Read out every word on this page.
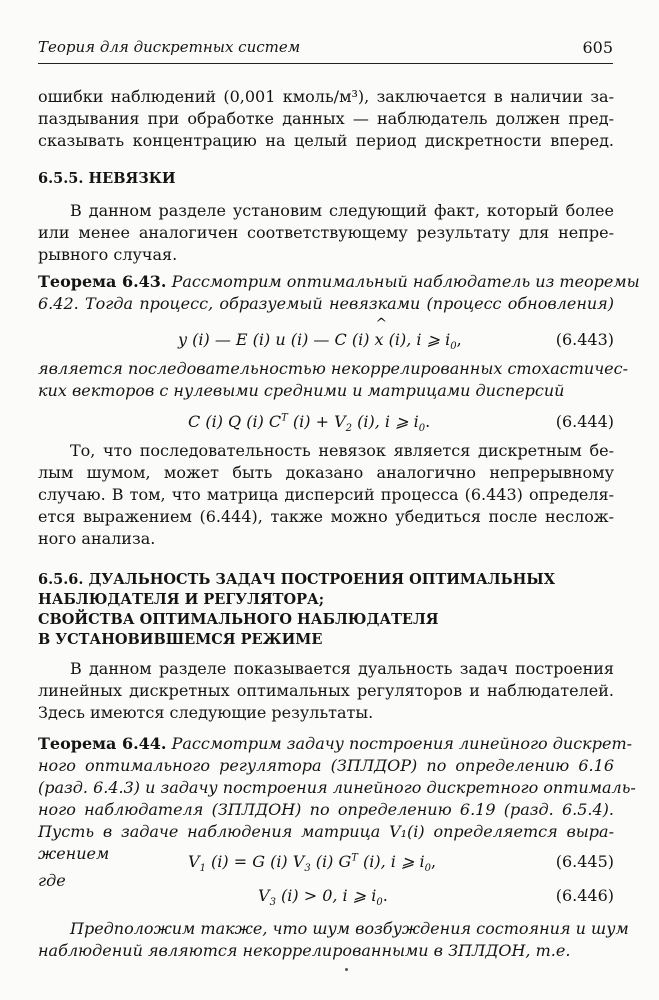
Теория для дискретных систем	605
ошибки наблюдений (0,001 кмоль/м³), заключается в наличии за-
паздывания при обработке данных — наблюдатель должен пред-
сказывать концентрацию на целый период дискретности вперед.
6.5.5. НЕВЯЗКИ
В данном разделе установим следующий факт, который более
или менее аналогичен соответствующему результату для непре-
рывного случая.
Теорема 6.43. Рассмотрим оптимальный наблюдатель из теоремы
6.42. Тогда процесс, образуемый невязками (процесс обновления)
y (i) — E (i) u (i) — C (i) ^ x (i), i ⩾ $i_0$,	(6.443)
является последовательностью некоррелированных стохастичес-
ких векторов с нулевыми средними и матрицами дисперсий
C (i) Q (i) $C^T$ $(i) + V_2$ (i), i ⩾ $i_0$.	(6.444)
То, что последовательность невязок является дискретным бе-
лым шумом, может быть доказано аналогично непрерывному
случаю. В том, что матрица дисперсий процесса (6.443) определя-
ется выражением (6.444), также можно убедиться после неслож-
ного анализа.
6.5.6. ДУАЛЬНОСТЬ ЗАДАЧ ПОСТРОЕНИЯ ОПТИМАЛЬНЫХ
НАБЛЮДАТЕЛЯ И РЕГУЛЯТОРА;
СВОЙСТВА ОПТИМАЛЬНОГО НАБЛЮДАТЕЛЯ
В УСТАНОВИВШЕМСЯ РЕЖИМЕ
В данном разделе показывается дуальность задач построения
линейных дискретных оптимальных регуляторов и наблюдателей.
Здесь имеются следующие результаты.
Теорема 6.44. Рассмотрим задачу построения линейного дискрет-
ного оптимального регулятора (ЗПЛДОР) по определению 6.16
(разд. 6.4.3) и задачу построения линейного дискретного оптималь-
ного наблюдателя (ЗПЛДОН) по определению 6.19 (разд. 6.5.4).
Пусть в задаче наблюдения матрица V₁(i) определяется выра-
жением	$V_1$ (i) = G (i) $V_3$ (i) $G^T$ (i), i ⩾ $i_0$,	(6.445)
где
$V_3$ (i) > 0, i ⩾ $i_0$.	(6.446)
Предположим также, что шум возбуждения состояния и шум
наблюдений являются некоррелированными в ЗПЛДОН, т.е.
